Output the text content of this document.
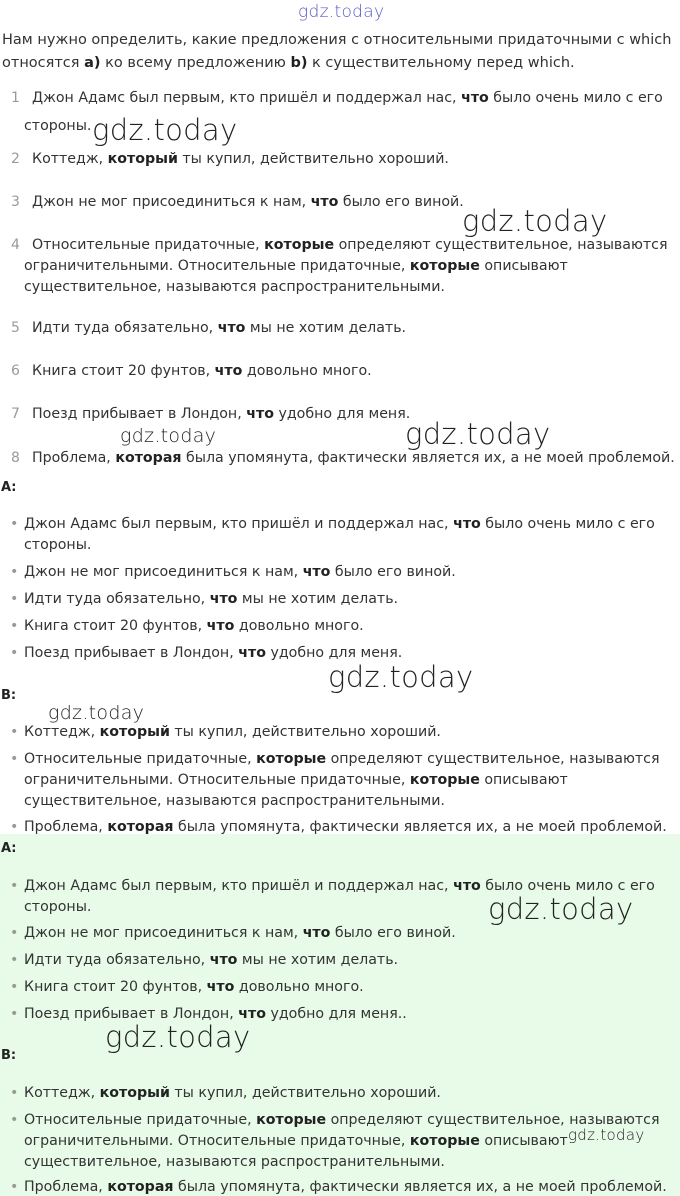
gdz.today
gdz.today
gdz.today
gdz.today	gdz.today
gdz.today
gdz.today
gdz.today
gdz.today
gdz.today
Нам нужно определить, какие предложения с относительными придаточными с which
относятся a) ко всему предложению b) к существительному перед which.
1 Джон Адамс был первым, кто пришёл и поддержал нас, что было очень мило с его
стороны.
2 Коттедж, который ты купил, действительно хороший.
3 Джон не мог присоединиться к нам, что было его виной.
4 Относительные придаточные, которые определяют существительное, называются
ограничительными. Относительные придаточные, которые описывают
существительное, называются распространительными.
5 Идти туда обязательно, что мы не хотим делать.
6 Книга стоит 20 фунтов, что довольно много.
7 Поезд прибывает в Лондон, что удобно для меня.
8 Проблема, которая была упомянута, фактически является их, а не моей проблемой.
A:
• Джон Адамс был первым, кто пришёл и поддержал нас, что было очень мило с его
стороны.
• Джон не мог присоединиться к нам, что было его виной.
• Идти туда обязательно, что мы не хотим делать.
• Книга стоит 20 фунтов, что довольно много.
• Поезд прибывает в Лондон, что удобно для меня.
B:
• Коттедж, который ты купил, действительно хороший.
• Относительные придаточные, которые определяют существительное, называются
ограничительными. Относительные придаточные, которые описывают
существительное, называются распространительными.
• Проблема, которая была упомянута, фактически является их, а не моей проблемой.
A:
• Джон Адамс был первым, кто пришёл и поддержал нас, что было очень мило с его
стороны.
• Джон не мог присоединиться к нам, что было его виной.
• Идти туда обязательно, что мы не хотим делать.
• Книга стоит 20 фунтов, что довольно много.
• Поезд прибывает в Лондон, что удобно для меня..
B:
• Коттедж, который ты купил, действительно хороший.
• Относительные придаточные, которые определяют существительное, называются
ограничительными. Относительные придаточные, которые описывают
существительное, называются распространительными.
• Проблема, которая была упомянута, фактически является их, а не моей проблемой.
